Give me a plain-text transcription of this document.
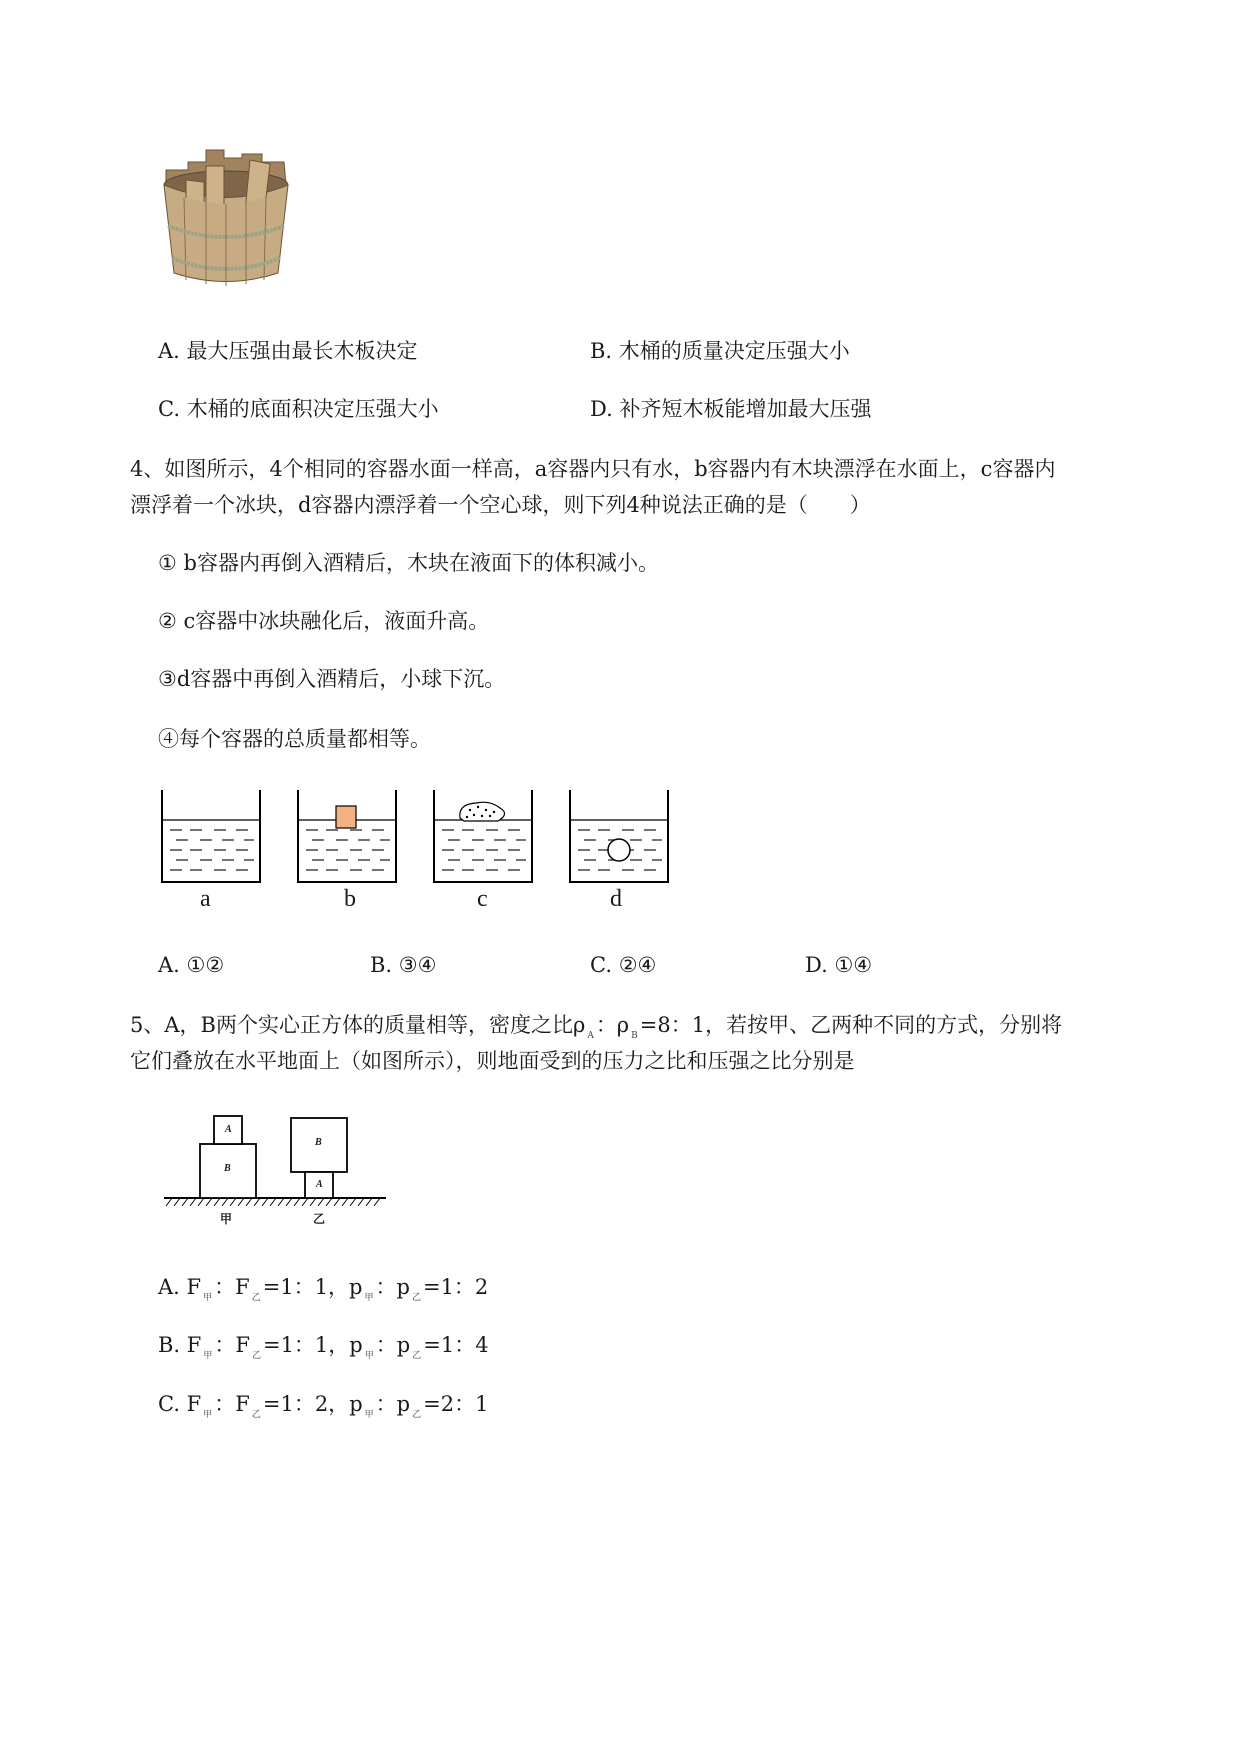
A. 最大压强由最长木板决定	B. 木桶的质量决定压强大小
C. 木桶的底面积决定压强大小	D. 补齐短木板能增加最大压强
4、如图所示，4个相同的容器水面一样高，a容器内只有水，b容器内有木块漂浮在水面上，c容器内
漂浮着一个冰块，d容器内漂浮着一个空心球，则下列4种说法正确的是（　　）
① b容器内再倒入酒精后，木块在液面下的体积减小。
② c容器中冰块融化后，液面升高。
③d容器中再倒入酒精后，小球下沉。
④每个容器的总质量都相等。
a	b	c	d
A. ①②	B. ③④	C. ②④	D. ①④
5、A，B两个实心正方体的质量相等，密度之比ρ $_A$：ρ $_B$=8：1，若按甲、乙两种不同的方式，分别将
它们叠放在水平地面上（如图所示），则地面受到的压力之比和压强之比分别是
A
B
B
A
甲	乙
A. F $_甲$：F $_乙$=1：1，p $_甲$：p $_乙$=1：2
B. F $_甲$：F $_乙$=1：1，p $_甲$：p $_乙$=1：4
C. F $_甲$：F $_乙$=1：2，p $_甲$：p $_乙$=2：1
